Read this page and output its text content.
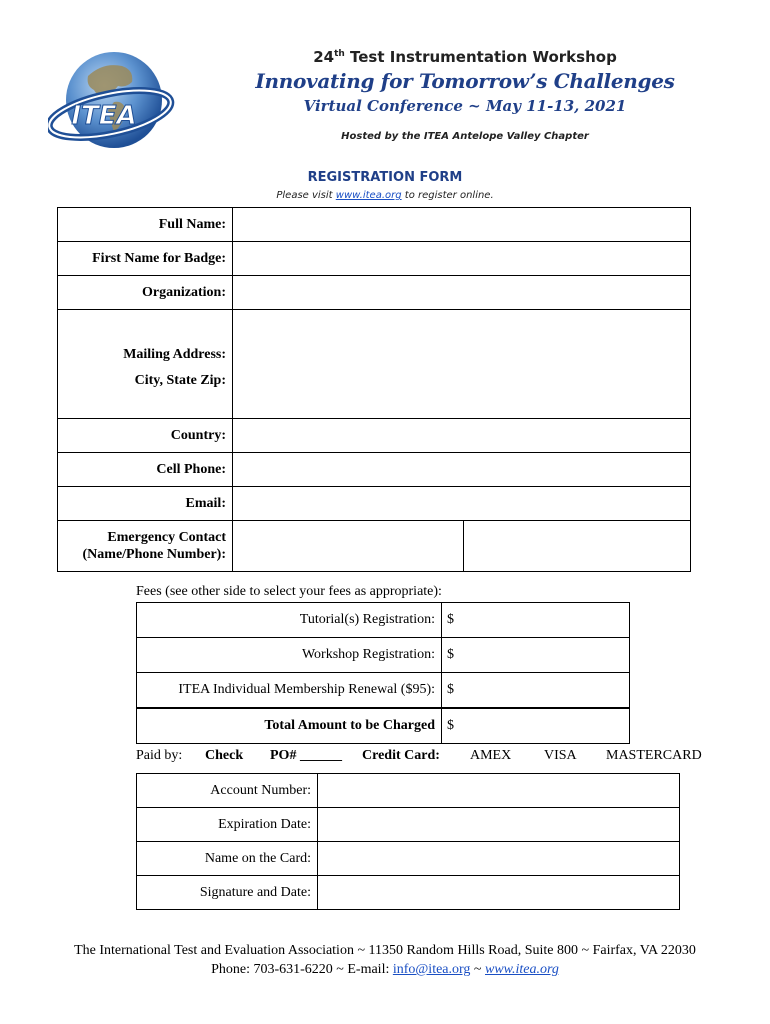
ITEA
24th Test Instrumentation Workshop
Innovating for Tomorrow’s Challenges
Virtual Conference ~ May 11-13, 2021
Hosted by the ITEA Antelope Valley Chapter
REGISTRATION FORM
Please visit www.itea.org to register online.
Full Name:		
First Name for Badge:		
Organization:		

Mailing Address:
City, State Zip:		

Country:		
Cell Phone:		
Email:		

Emergency Contact
(Name/Phone Number):		

Fees (see other side to select your fees as appropriate):
Tutorial(s) Registration:	$
Workshop Registration:	$
ITEA Individual Membership Renewal ($95):	$
Total Amount to be Charged	$
Paid by: Check PO# ______ Credit Card: AMEX VISA MASTERCARD
Account Number:	
Expiration Date:	
Name on the Card:	
Signature and Date:	
The International Test and Evaluation Association ~ 11350 Random Hills Road, Suite 800 ~ Fairfax, VA 22030
Phone: 703-631-6220 ~ E-mail: info@itea.org ~ www.itea.org
